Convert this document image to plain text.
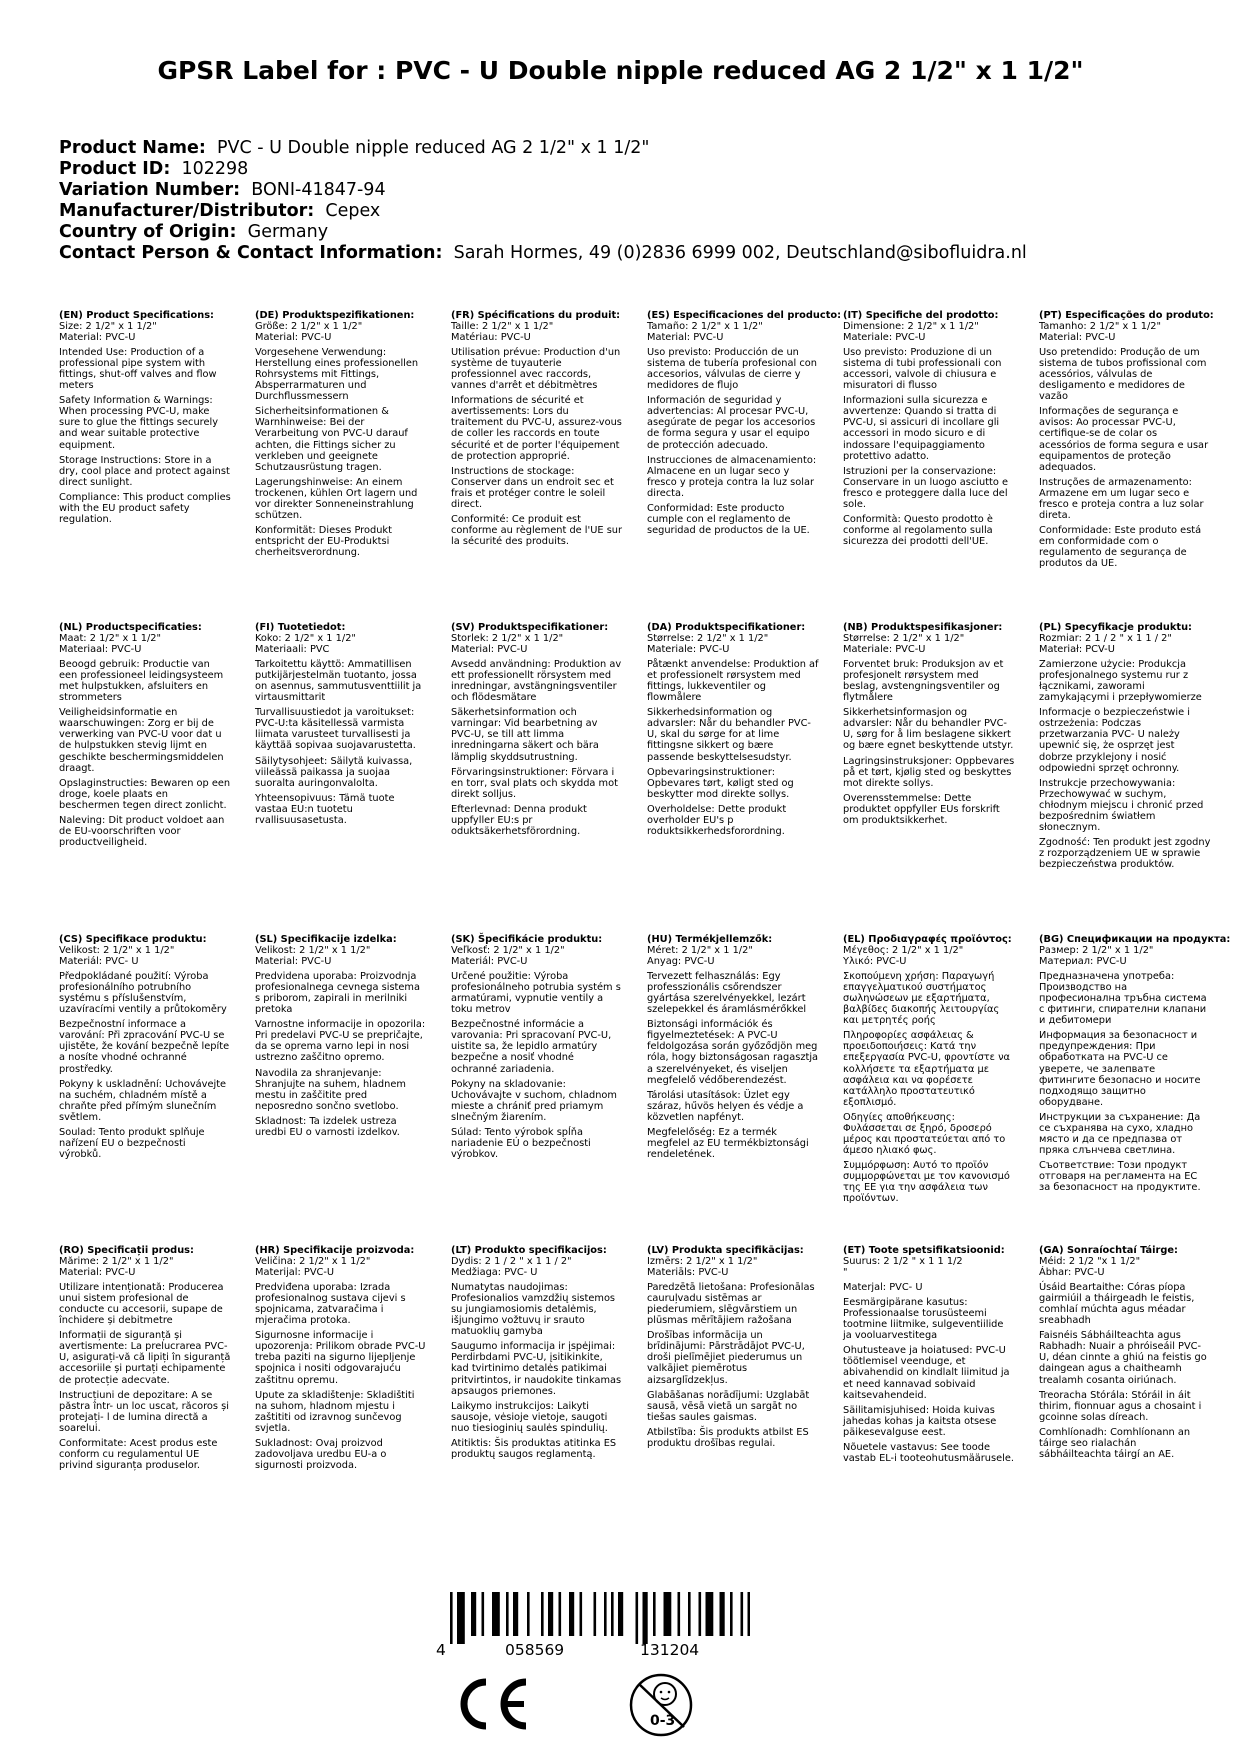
GPSR Label for : PVC - U Double nipple reduced AG 2 1/2" x 1 1/2"
Product Name: PVC - U Double nipple reduced AG 2 1/2" x 1 1/2"
Product ID: 102298
Variation Number: BONI-41847-94
Manufacturer/Distributor: Cepex
Country of Origin: Germany
Contact Person & Contact Information: Sarah Hormes, 49 (0)2836 6999 002, Deutschland@sibofluidra.nl

(EN) Product Specifications:

Size: 2 1/2" x 1 1/2"

Material: PVC-U

Intended Use: Production of a professional pipe system with fittings, shut-off valves and flow meters

Safety Information & Warnings: When processing PVC-U, make sure to glue the fittings securely and wear suitable protective equipment.

Storage Instructions: Store in a dry, cool place and protect against direct sunlight.

Compliance: This product complies with the EU product safety regulation.

(DE) Produktspezifikationen:

Größe: 2 1/2" x 1 1/2"

Material: PVC-U

Vorgesehene Verwendung: Herstellung eines professionellen Rohrsystems mit Fittings, Absperrarmaturen und Durchflussmessern

Sicherheitsinformationen & Warnhinweise: Bei der Verarbeitung von PVC-U darauf achten, die Fittings sicher zu verkleben und geeignete Schutzausrüstung tragen.

Lagerungshinweise: An einem trockenen, kühlen Ort lagern und vor direkter Sonneneinstrahlung schützen.

Konformität: Dieses Produkt entspricht der EU-Produktsi cherheitsverordnung.

(FR) Spécifications du produit:

Taille: 2 1/2" x 1 1/2"

Matériau: PVC-U

Utilisation prévue: Production d'un système de tuyauterie professionnel avec raccords, vannes d'arrêt et débitmètres

Informations de sécurité et avertissements: Lors du traitement du PVC-U, assurez-vous de coller les raccords en toute sécurité et de porter l'équipement de protection approprié.

Instructions de stockage: Conserver dans un endroit sec et frais et protéger contre le soleil direct.

Conformité: Ce produit est conforme au règlement de l'UE sur la sécurité des produits.

(ES) Especificaciones del producto:

Tamaño: 2 1/2" x 1 1/2"

Material: PVC-U

Uso previsto: Producción de un sistema de tubería profesional con accesorios, válvulas de cierre y medidores de flujo

Información de seguridad y advertencias: Al procesar PVC-U, asegúrate de pegar los accesorios de forma segura y usar el equipo de protección adecuado.

Instrucciones de almacenamiento: Almacene en un lugar seco y fresco y proteja contra la luz solar directa.

Conformidad: Este producto cumple con el reglamento de seguridad de productos de la UE.

(IT) Specifiche del prodotto:

Dimensione: 2 1/2" x 1 1/2"

Materiale: PVC-U

Uso previsto: Produzione di un sistema di tubi professionali con accessori, valvole di chiusura e misuratori di flusso

Informazioni sulla sicurezza e avvertenze: Quando si tratta di PVC-U, si assicuri di incollare gli accessori in modo sicuro e di indossare l'equipaggiamento protettivo adatto.

Istruzioni per la conservazione: Conservare in un luogo asciutto e fresco e proteggere dalla luce del sole.

Conformità: Questo prodotto è conforme al regolamento sulla sicurezza dei prodotti dell'UE.

(PT) Especificações do produto:

Tamanho: 2 1/2" x 1 1/2"

Material: PVC-U

Uso pretendido: Produção de um sistema de tubos profissional com acessórios, válvulas de desligamento e medidores de vazão

Informações de segurança e avisos: Ao processar PVC-U, certifique-se de colar os acessórios de forma segura e usar equipamentos de proteção adequados.

Instruções de armazenamento: Armazene em um lugar seco e fresco e proteja contra a luz solar direta.

Conformidade: Este produto está em conformidade com o regulamento de segurança de produtos da UE.

(NL) Productspecificaties:

Maat: 2 1/2" x 1 1/2"

Materiaal: PVC-U

Beoogd gebruik: Productie van een professioneel leidingsysteem met hulpstukken, afsluiters en strommeters

Veiligheidsinformatie en waarschuwingen: Zorg er bij de verwerking van PVC-U voor dat u de hulpstukken stevig lijmt en geschikte beschermingsmiddelen draagt.

Opslaginstructies: Bewaren op een droge, koele plaats en beschermen tegen direct zonlicht.

Naleving: Dit product voldoet aan de EU-voorschriften voor productveiligheid.

(FI) Tuotetiedot:

Koko: 2 1/2" x 1 1/2"

Materiaali: PVC

Tarkoitettu käyttö: Ammatillisen putkijärjestelmän tuotanto, jossa on asennus, sammutusventtiilit ja virtausmittarit

Turvallisuustiedot ja varoitukset: PVC-U:ta käsitellessä varmista liimata varusteet turvallisesti ja käyttää sopivaa suojavarustetta.

Säilytysohjeet: Säilytä kuivassa, viileässä paikassa ja suojaa suoralta auringonvalolta.

Yhteensopivuus: Tämä tuote vastaa EU:n tuotetu rvallisuusasetusta.

(SV) Produktspecifikationer:

Storlek: 2 1/2" x 1 1/2"

Material: PVC-U

Avsedd användning: Produktion av ett professionellt rörsystem med inredningar, avstängningsventiler och flödesmätare

Säkerhetsinformation och varningar: Vid bearbetning av PVC-U, se till att limma inredningarna säkert och bära lämplig skyddsutrustning.

Förvaringsinstruktioner: Förvara i en torr, sval plats och skydda mot direkt solljus.

Efterlevnad: Denna produkt uppfyller EU:s pr oduktsäkerhetsförordning.

(DA) Produktspecifikationer:

Størrelse: 2 1/2" x 1 1/2"

Materiale: PVC-U

Påtænkt anvendelse: Produktion af et professionelt rørsystem med fittings, lukkeventiler og flowmålere

Sikkerhedsinformation og advarsler: Når du behandler PVC-U, skal du sørge for at lime fittingsne sikkert og bære passende beskyttelsesudstyr.

Opbevaringsinstruktioner: Opbevares tørt, køligt sted og beskytter mod direkte sollys.

Overholdelse: Dette produkt overholder EU's p roduktsikkerhedsforordning.

(NB) Produktspesifikasjoner:

Størrelse: 2 1/2" x 1 1/2"

Materiale: PVC-U

Forventet bruk: Produksjon av et profesjonelt rørsystem med beslag, avstengningsventiler og flytmålere

Sikkerhetsinformasjon og advarsler: Når du behandler PVC-U, sørg for å lim beslagene sikkert og bære egnet beskyttende utstyr.

Lagringsinstruksjoner: Oppbevares på et tørt, kjølig sted og beskyttes mot direkte sollys.

Overensstemmelse: Dette produktet oppfyller EUs forskrift om produktsikkerhet.

(PL) Specyfikacje produktu:

Rozmiar: 2 1 / 2 " x 1 1 / 2"

Materiał: PCV-U

Zamierzone użycie: Produkcja profesjonalnego systemu rur z łącznikami, zaworami zamykającymi i przepływomierze

Informacje o bezpieczeństwie i ostrzeżenia: Podczas przetwarzania PVC- U należy upewnić się, że osprzęt jest dobrze przyklejony i nosić odpowiedni sprzęt ochronny.

Instrukcje przechowywania: Przechowywać w suchym, chłodnym miejscu i chronić przed bezpośrednim światłem słonecznym.

Zgodność: Ten produkt jest zgodny z rozporządzeniem UE w sprawie bezpieczeństwa produktów.

(CS) Specifikace produktu:

Velikost: 2 1/2" x 1 1/2"

Materiál: PVC- U

Předpokládané použití: Výroba profesionálního potrubního systému s příslušenstvím, uzavíracími ventily a průtokoměry

Bezpečnostní informace a varování: Při zpracování PVC-U se ujistěte, že kování bezpečně lepíte a nosíte vhodné ochranné prostředky.

Pokyny k uskladnění: Uchovávejte na suchém, chladném místě a chraňte před přímým slunečním světlem.

Soulad: Tento produkt splňuje nařízení EU o bezpečnosti výrobků.

(SL) Specifikacije izdelka:

Velikost: 2 1/2" x 1 1/2"

Material: PVC-U

Predvidena uporaba: Proizvodnja profesionalnega cevnega sistema s priborom, zapirali in merilniki pretoka

Varnostne informacije in opozorila: Pri predelavi PVC-U se prepričajte, da se oprema varno lepi in nosi ustrezno zaščitno opremo.

Navodila za shranjevanje: Shranjujte na suhem, hladnem mestu in zaščitite pred neposredno sončno svetlobo.

Skladnost: Ta izdelek ustreza uredbi EU o varnosti izdelkov.

(SK) Špecifikácie produktu:

Veľkosť: 2 1/2" x 1 1/2"

Materiál: PVC-U

Určené použitie: Výroba profesionálneho potrubia systém s armatúrami, vypnutie ventily a toku metrov

Bezpečnostné informácie a varovania: Pri spracovaní PVC-U, uistite sa, že lepidlo armatúry bezpečne a nosiť vhodné ochranné zariadenia.

Pokyny na skladovanie: Uchovávajte v suchom, chladnom mieste a chrániť pred priamym slnečným žiarením.

Súlad: Tento výrobok spĺňa nariadenie EÚ o bezpečnosti výrobkov.

(HU) Termékjellemzők:

Méret: 2 1/2" x 1 1/2"

Anyag: PVC-U

Tervezett felhasználás: Egy professzionális csőrendszer gyártása szerelvényekkel, lezárt szelepekkel és áramlásmérőkkel

Biztonsági információk és figyelmeztetések: A PVC-U feldolgozása során győződjön meg róla, hogy biztonságosan ragasztja a szerelvényeket, és viseljen megfelelő védőberendezést.

Tárolási utasítások: Üzlet egy száraz, hűvös helyen és védje a közvetlen napfényt.

Megfelelőség: Ez a termék megfelel az EU termékbiztonsági rendeletének.

(EL) Προδιαγραφές προϊόντος:

Μέγεθος: 2 1/2" x 1 1/2"

Υλικό: PVC-U

Σκοπούμενη χρήση: Παραγωγή επαγγελματικού συστήματος σωληνώσεων με εξαρτήματα, βαλβίδες διακοπής λειτουργίας και μετρητές ροής

Πληροφορίες ασφάλειας & προειδοποιήσεις: Κατά την επεξεργασία PVC-U, φροντίστε να κολλήσετε τα εξαρτήματα με ασφάλεια και να φορέσετε κατάλληλο προστατευτικό εξοπλισμό.

Οδηγίες αποθήκευσης: Φυλάσσεται σε ξηρό, δροσερό μέρος και προστατεύεται από το άμεσο ηλιακό φως.

Συμμόρφωση: Αυτό το προϊόν συμμορφώνεται με τον κανονισμό της ΕΕ για την ασφάλεια των προϊόντων.

(BG) Спецификации на продукта:

Размер: 2 1/2" x 1 1/2"

Материал: PVC-U

Предназначена употреба: Производство на професионална тръбна система с фитинги, спирателни клапани и дебитомери

Информация за безопасност и предупреждения: При обработката на PVC-U се уверете, че залепвате фитингите безопасно и носите подходящо защитно оборудване.

Инструкции за съхранение: Да се съхранява на сухо, хладно място и да се предпазва от пряка слънчева светлина.

Съответствие: Този продукт отговаря на регламента на ЕС за безопасност на продуктите.

(RO) Specificații produs:

Mărime: 2 1/2" x 1 1/2"

Material: PVC-U

Utilizare intenționată: Producerea unui sistem profesional de conducte cu accesorii, supape de închidere și debitmetre

Informații de siguranță și avertismente: La prelucrarea PVC-U, asigurați-vă că lipiți în siguranță accesoriile și purtați echipamente de protecție adecvate.

Instrucțiuni de depozitare: A se păstra într- un loc uscat, răcoros și protejați- l de lumina directă a soarelui.

Conformitate: Acest produs este conform cu regulamentul UE privind siguranța produselor.

(HR) Specifikacije proizvoda:

Veličina: 2 1/2" x 1 1/2"

Materijal: PVC-U

Predviđena uporaba: Izrada profesionalnog sustava cijevi s spojnicama, zatvaračima i mjeračima protoka.

Sigurnosne informacije i upozorenja: Prilikom obrade PVC-U treba paziti na sigurno lijepljenje spojnica i nositi odgovarajuću zaštitnu opremu.

Upute za skladištenje: Skladištiti na suhom, hladnom mjestu i zaštititi od izravnog sunčevog svjetla.

Sukladnost: Ovaj proizvod zadovoljava uredbu EU-a o sigurnosti proizvoda.

(LT) Produkto specifikacijos:

Dydis: 2 1 / 2 " x 1 1 / 2"

Medžiaga: PVC- U

Numatytas naudojimas: Profesionalios vamzdžių sistemos su jungiamosiomis detalėmis, išjungimo vožtuvų ir srauto matuoklių gamyba

Saugumo informacija ir įspėjimai: Perdirbdami PVC-U, įsitikinkite, kad tvirtinimo detalės patikimai pritvirtintos, ir naudokite tinkamas apsaugos priemones.

Laikymo instrukcijos: Laikyti sausoje, vėsioje vietoje, saugoti nuo tiesioginių saulės spindulių.

Atitiktis: Šis produktas atitinka ES produktų saugos reglamentą.

(LV) Produkta specifikācijas:

Izmērs: 2 1/2" x 1 1/2"

Materiāls: PVC-U

Paredzētā lietošana: Profesionālas cauruļvadu sistēmas ar piederumiem, slēgvārstiem un plūsmas mērītājiem ražošana

Drošības informācija un brīdinājumi: Pārstrādājot PVC-U, droši pielīmējiet piederumus un valkājiet piemērotus aizsarglīdzekļus.

Glabāšanas norādījumi: Uzglabāt sausā, vēsā vietā un sargāt no tiešas saules gaismas.

Atbilstība: Šis produkts atbilst ES produktu drošības regulai.

(ET) Toote spetsifikatsioonid:

Suurus: 2 1/2 " x 1 1 1/2

"

Materjal: PVC- U

Eesmärgipärane kasutus: Professionaalse torusüsteemi tootmine liitmike, sulgeventiilide ja vooluarvestitega

Ohutusteave ja hoiatused: PVC-U töötlemisel veenduge, et abivahendid on kindlalt liimitud ja et need kannavad sobivaid kaitsevahendeid.

Säilitamisjuhised: Hoida kuivas jahedas kohas ja kaitsta otsese päikesevalguse eest.

Nõuetele vastavus: See toode vastab EL-i tooteohutusmäärusele.

(GA) Sonraíochtaí Táirge:

Méid: 2 1/2 "x 1 1/2"

Ábhar: PVC-U

Úsáid Beartaithe: Córas píopa gairmiúil a tháirgeadh le feistis, comhlaí múchta agus méadar sreabhadh

Faisnéis Sábháilteachta agus Rabhadh: Nuair a phróiseáil PVC-U, déan cinnte a ghiú na feistis go daingean agus a chaitheamh trealamh cosanta oiriúnach.

Treoracha Stórála: Stóráil in áit thirim, fionnuar agus a chosaint i gcoinne solas díreach.

Comhlíonadh: Comhlíonann an táirge seo rialachán sábháilteachta táirgí an AE.

4	058569	131204
0-3
